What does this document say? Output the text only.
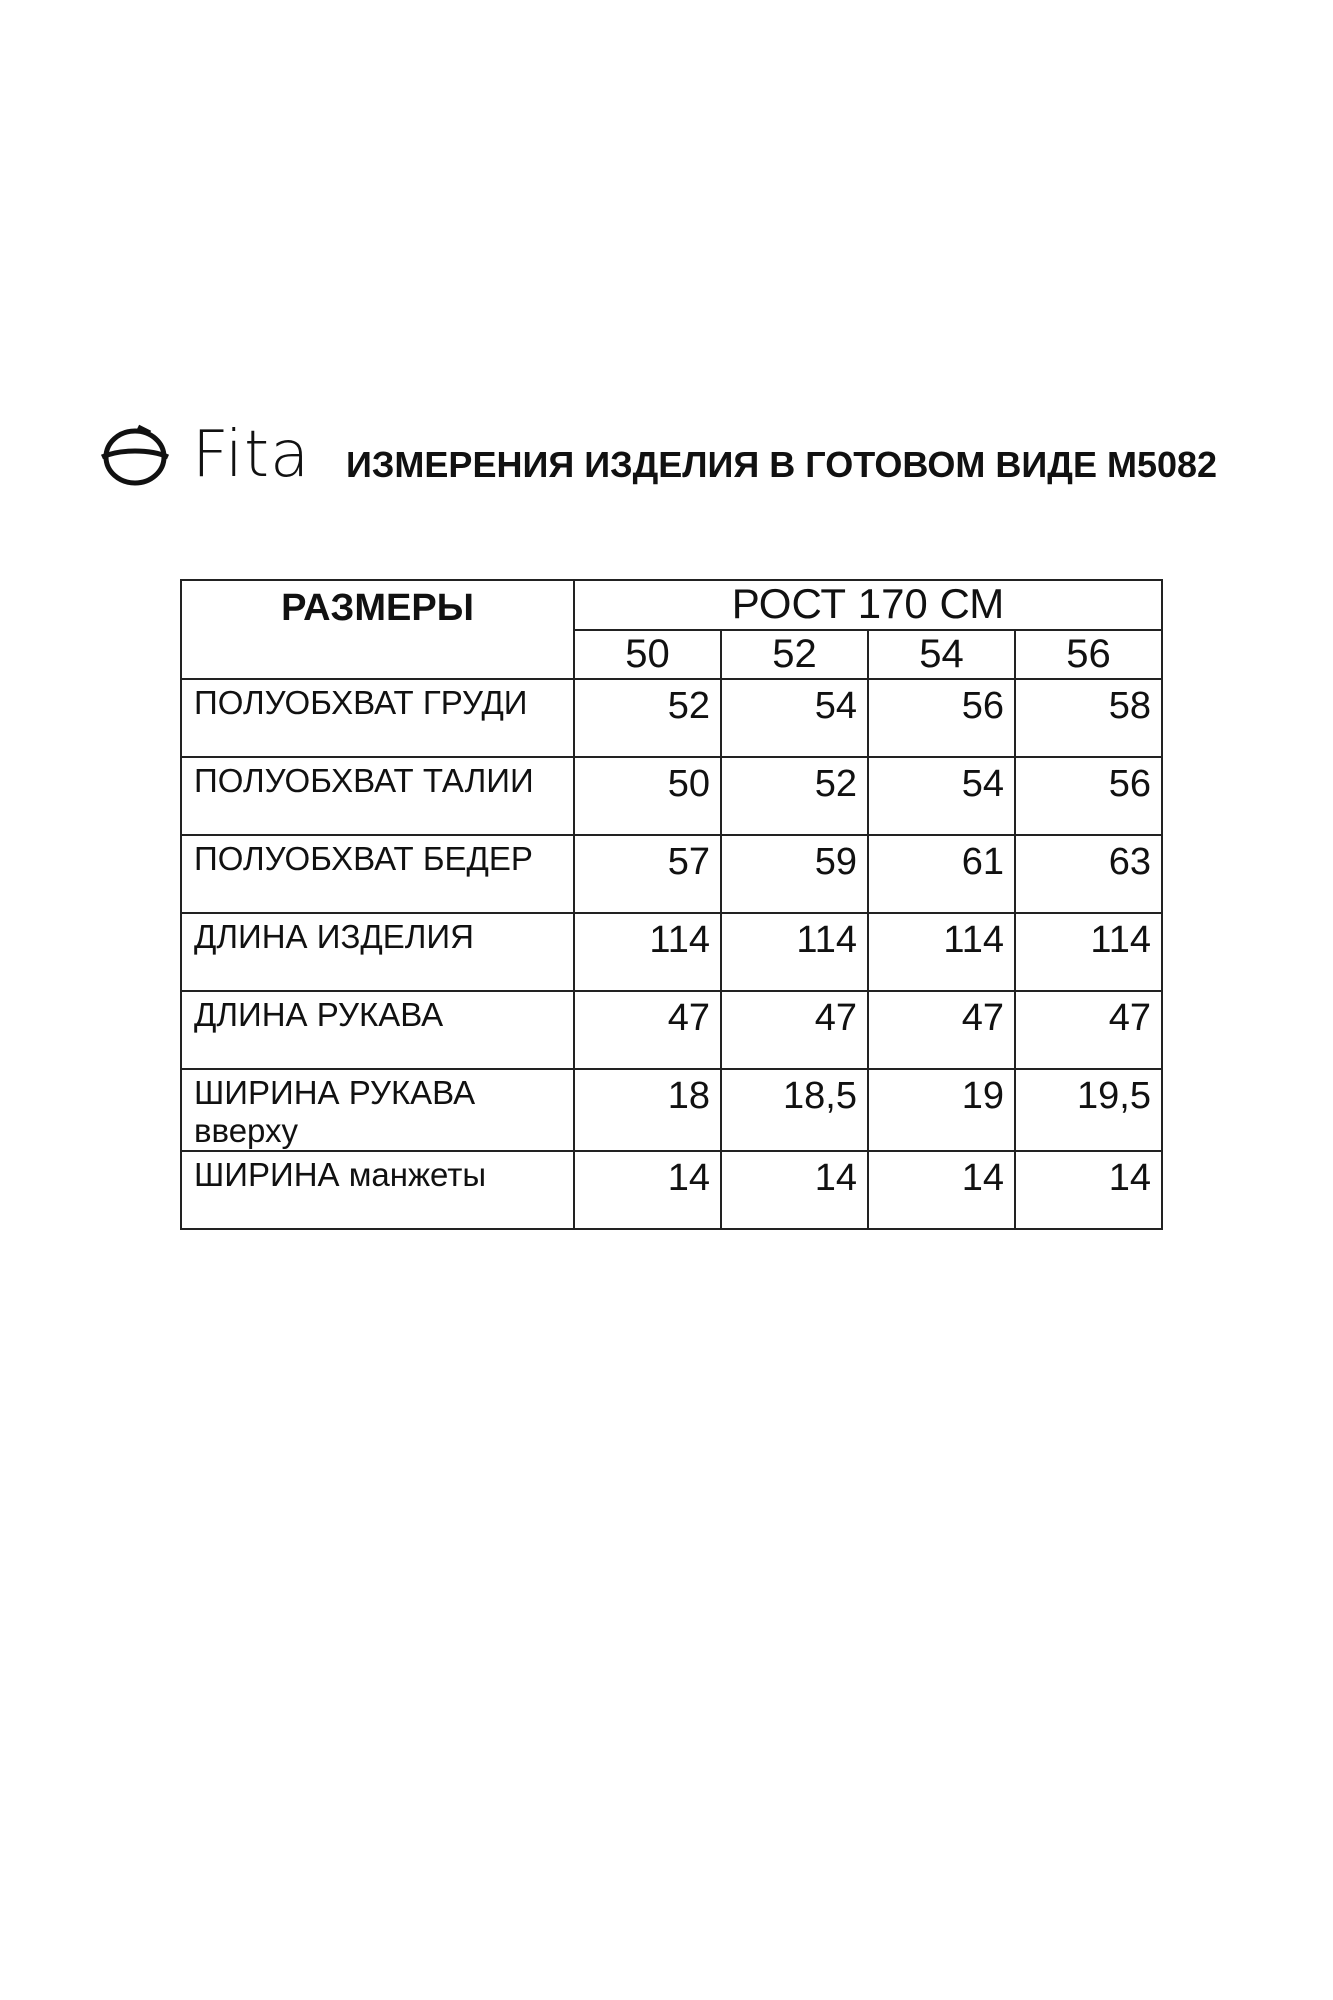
Fita ИЗМЕРЕНИЯ ИЗДЕЛИЯ В ГОТОВОМ ВИДЕ М5082
РАЗМЕРЫ	РОСТ 170 СМ			
	50	52	54	56
ПОЛУОБХВАТ ГРУДИ	52	54	56	58
ПОЛУОБХВАТ ТАЛИИ	50	52	54	56
ПОЛУОБХВАТ БЕДЕР	57	59	61	63
ДЛИНА ИЗДЕЛИЯ	114	114	114	114
ДЛИНА РУКАВА	47	47	47	47
ШИРИНА РУКАВА вверху	18	18,5	19	19,5
ШИРИНА манжеты	14	14	14	14
